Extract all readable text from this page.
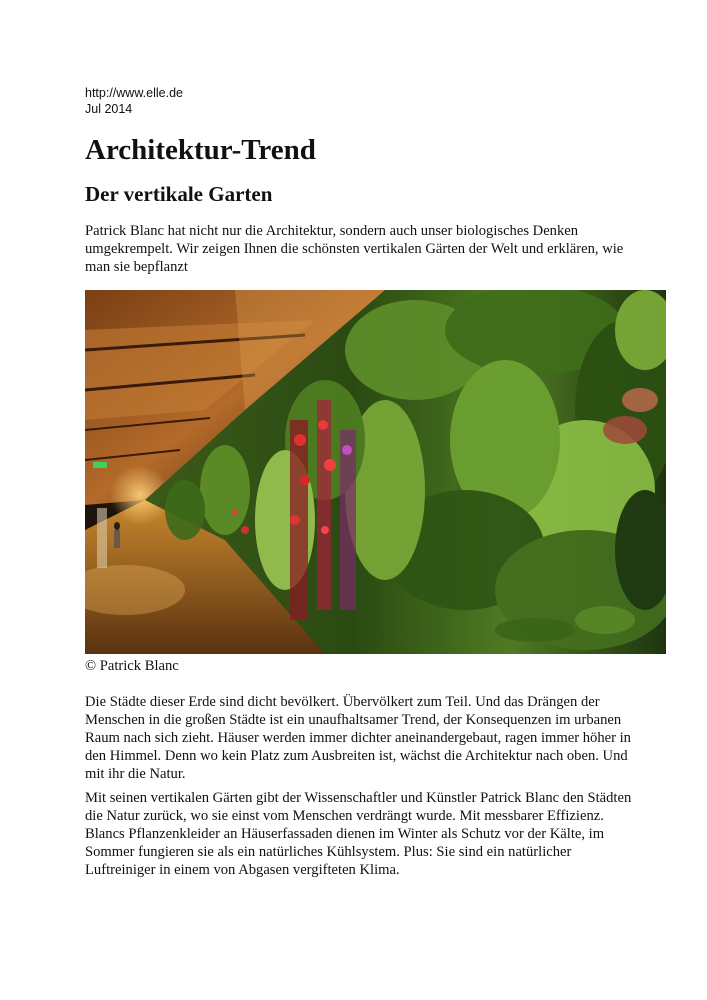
http://www.elle.de
Jul 2014
Architektur-Trend
Der vertikale Garten

Patrick Blanc hat nicht nur die Architektur, sondern auch unser biologisches Denken
umgekrempelt. Wir zeigen Ihnen die schönsten vertikalen Gärten der Welt und erklären, wie
man sie bepflanzt

© Patrick Blanc

Die Städte dieser Erde sind dicht bevölkert. Übervölkert zum Teil. Und das Drängen der
Menschen in die großen Städte ist ein unaufhaltsamer Trend, der Konsequenzen im urbanen
Raum nach sich zieht. Häuser werden immer dichter aneinandergebaut, ragen immer höher in
den Himmel. Denn wo kein Platz zum Ausbreiten ist, wächst die Architektur nach oben. Und
mit ihr die Natur.

Mit seinen vertikalen Gärten gibt der Wissenschaftler und Künstler Patrick Blanc den Städten
die Natur zurück, wo sie einst vom Menschen verdrängt wurde. Mit messbarer Effizienz.
Blancs Pflanzenkleider an Häuserfassaden dienen im Winter als Schutz vor der Kälte, im
Sommer fungieren sie als ein natürliches Kühlsystem. Plus: Sie sind ein natürlicher
Luftreiniger in einem von Abgasen vergifteten Klima.
